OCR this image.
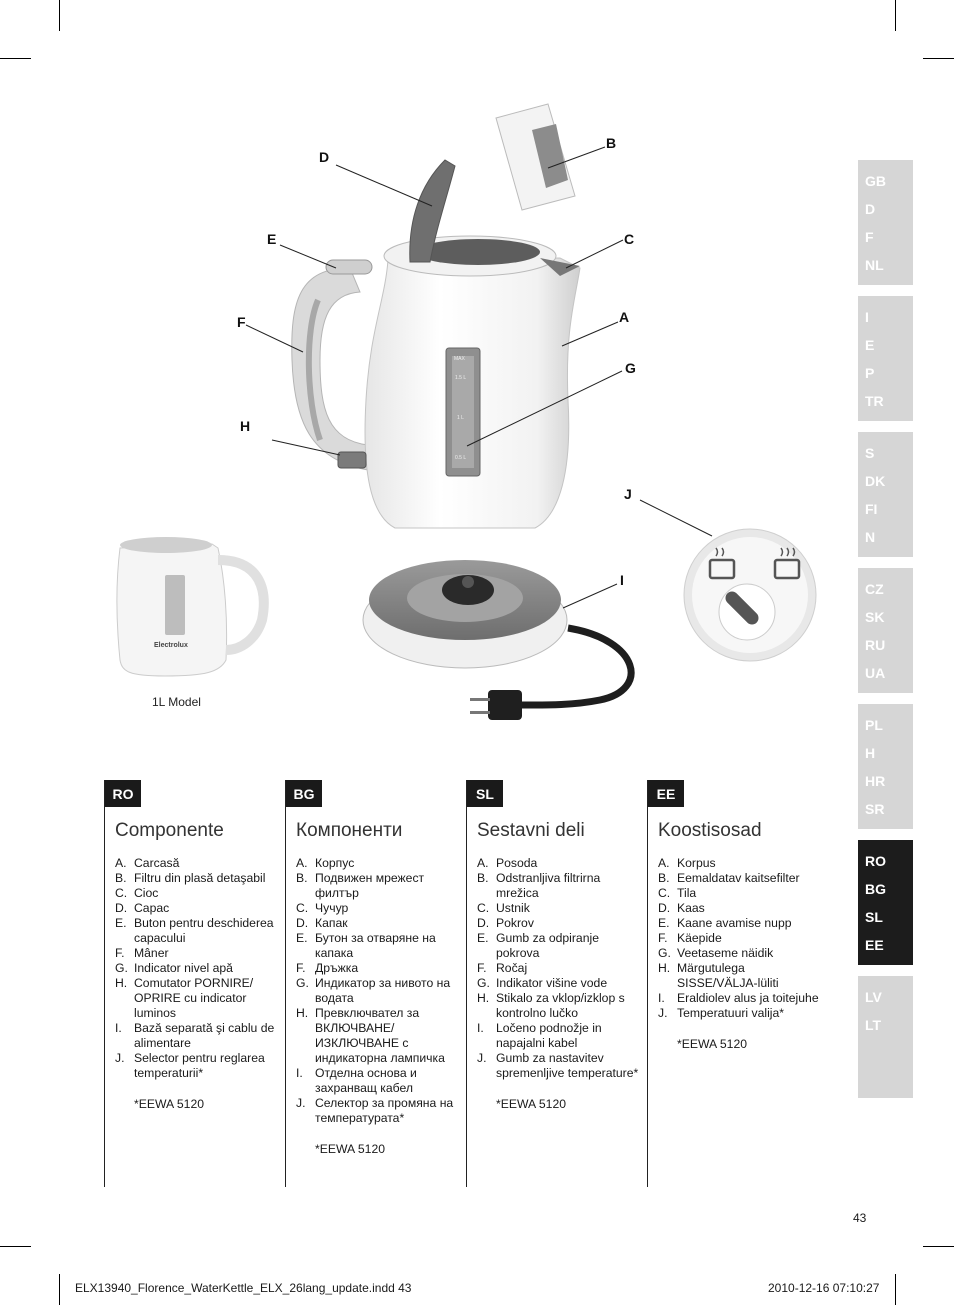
D
B
E	C
F	A
G
H
J
I
MAX
1.5 L
1 L
0.5 L
Electrolux
1L Model
GB
D
F
NL
I
E
P
TR
S
DK
FI
N
CZ
SK
RU
UA
PL
H
HR
SR
RO
BG
SL
EE
LV
LT
RO
Componente
A. Carcasă
B. Filtru din plasă detaşabil
C. Cioc
D. Capac
E. Buton pentru deschiderea capacului
F. Mâner
G. Indicator nivel apă
H. Comutator PORNIRE/ OPRIRE cu indicator luminos
I.	Bază separată şi cablu de alimentare
J. Selector pentru reglarea temperaturii*
*EEWA 5120
BG
Компоненти
A. Корпус
B. Подвижен мрежест филтър
C. Чучур
D. Капак
E. Бутон за отваряне на капака
F. Дръжка
G. Индикатор за нивото на водата
H. Превключвател за ВКЛЮЧВАНЕ/ ИЗКЛЮЧВАНЕ с индикаторна лампичка
I.	Отделна основа и захранващ кабел
J. Селектор за промяна на температурата*
*EEWA 5120
SL
Sestavni deli
A. Posoda
B. Odstranljiva filtrirna mrežica
C. Ustnik
D. Pokrov
E. Gumb za odpiranje pokrova
F. Ročaj
G. Indikator višine vode
H. Stikalo za vklop/izklop s kontrolno lučko
I.	Ločeno podnožje in napajalni kabel
J. Gumb za nastavitev spremenljive temperature*
*EEWA 5120
EE
Koostisosad
A. Korpus
B. Eemaldatav kaitsefilter
C. Tila
D. Kaas
E. Kaane avamise nupp
F. Käepide
G. Veetaseme näidik
H. Märgutulega SISSE/VÄLJA-lüliti
I.	Eraldiolev alus ja toitejuhe
J. Temperatuuri valija*
*EEWA 5120
43
ELX13940_Florence_WaterKettle_ELX_26lang_update.indd 43	2010-12-16 07:10:27
